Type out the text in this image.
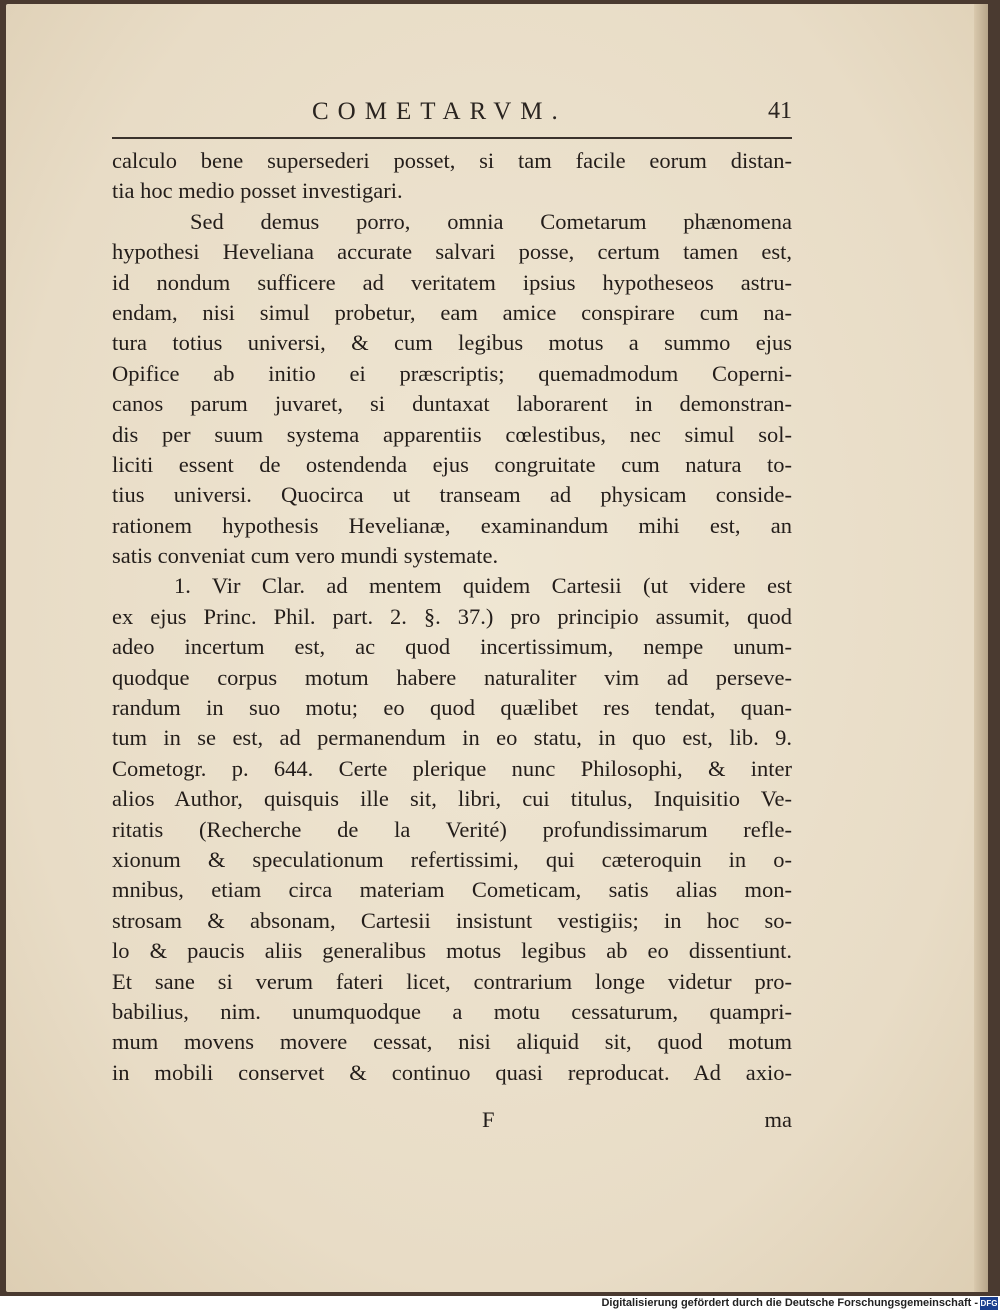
COMETARVM.	41
calculo bene supersederi posset, si tam facile eorum distan-
tia hoc medio posset investigari.
Sed demus porro, omnia Cometarum phænomena
hypothesi Heveliana accurate salvari posse, certum tamen est,
id nondum sufficere ad veritatem ipsius hypotheseos astru-
endam, nisi simul probetur, eam amice conspirare cum na-
tura totius universi, & cum legibus motus a summo ejus
Opifice ab initio ei præscriptis; quemadmodum Coperni-
canos parum juvaret, si duntaxat laborarent in demonstran-
dis per suum systema apparentiis cœlestibus, nec simul sol-
liciti essent de ostendenda ejus congruitate cum natura to-
tius universi. Quocirca ut transeam ad physicam conside-
rationem hypothesis Hevelianæ, examinandum mihi est, an
satis conveniat cum vero mundi systemate.
1. Vir Clar. ad mentem quidem Cartesii (ut videre est
ex ejus Princ. Phil. part. 2. §. 37.) pro principio assumit, quod
adeo incertum est, ac quod incertissimum, nempe unum-
quodque corpus motum habere naturaliter vim ad perseve-
randum in suo motu; eo quod quælibet res tendat, quan-
tum in se est, ad permanendum in eo statu, in quo est, lib. 9.
Cometogr. p. 644. Certe plerique nunc Philosophi, & inter
alios Author, quisquis ille sit, libri, cui titulus, Inquisitio Ve-
ritatis (Recherche de la Verité) profundissimarum refle-
xionum & speculationum refertissimi, qui cæteroquin in o-
mnibus, etiam circa materiam Cometicam, satis alias mon-
strosam & absonam, Cartesii insistunt vestigiis; in hoc so-
lo & paucis aliis generalibus motus legibus ab eo dissentiunt.
Et sane si verum fateri licet, contrarium longe videtur pro-
babilius, nim. unumquodque a motu cessaturum, quampri-
mum movens movere cessat, nisi aliquid sit, quod motum
in mobili conservet & continuo quasi reproducat. Ad axio-
F	ma
Digitalisierung gefördert durch die Deutsche Forschungsgemeinschaft - DFG
